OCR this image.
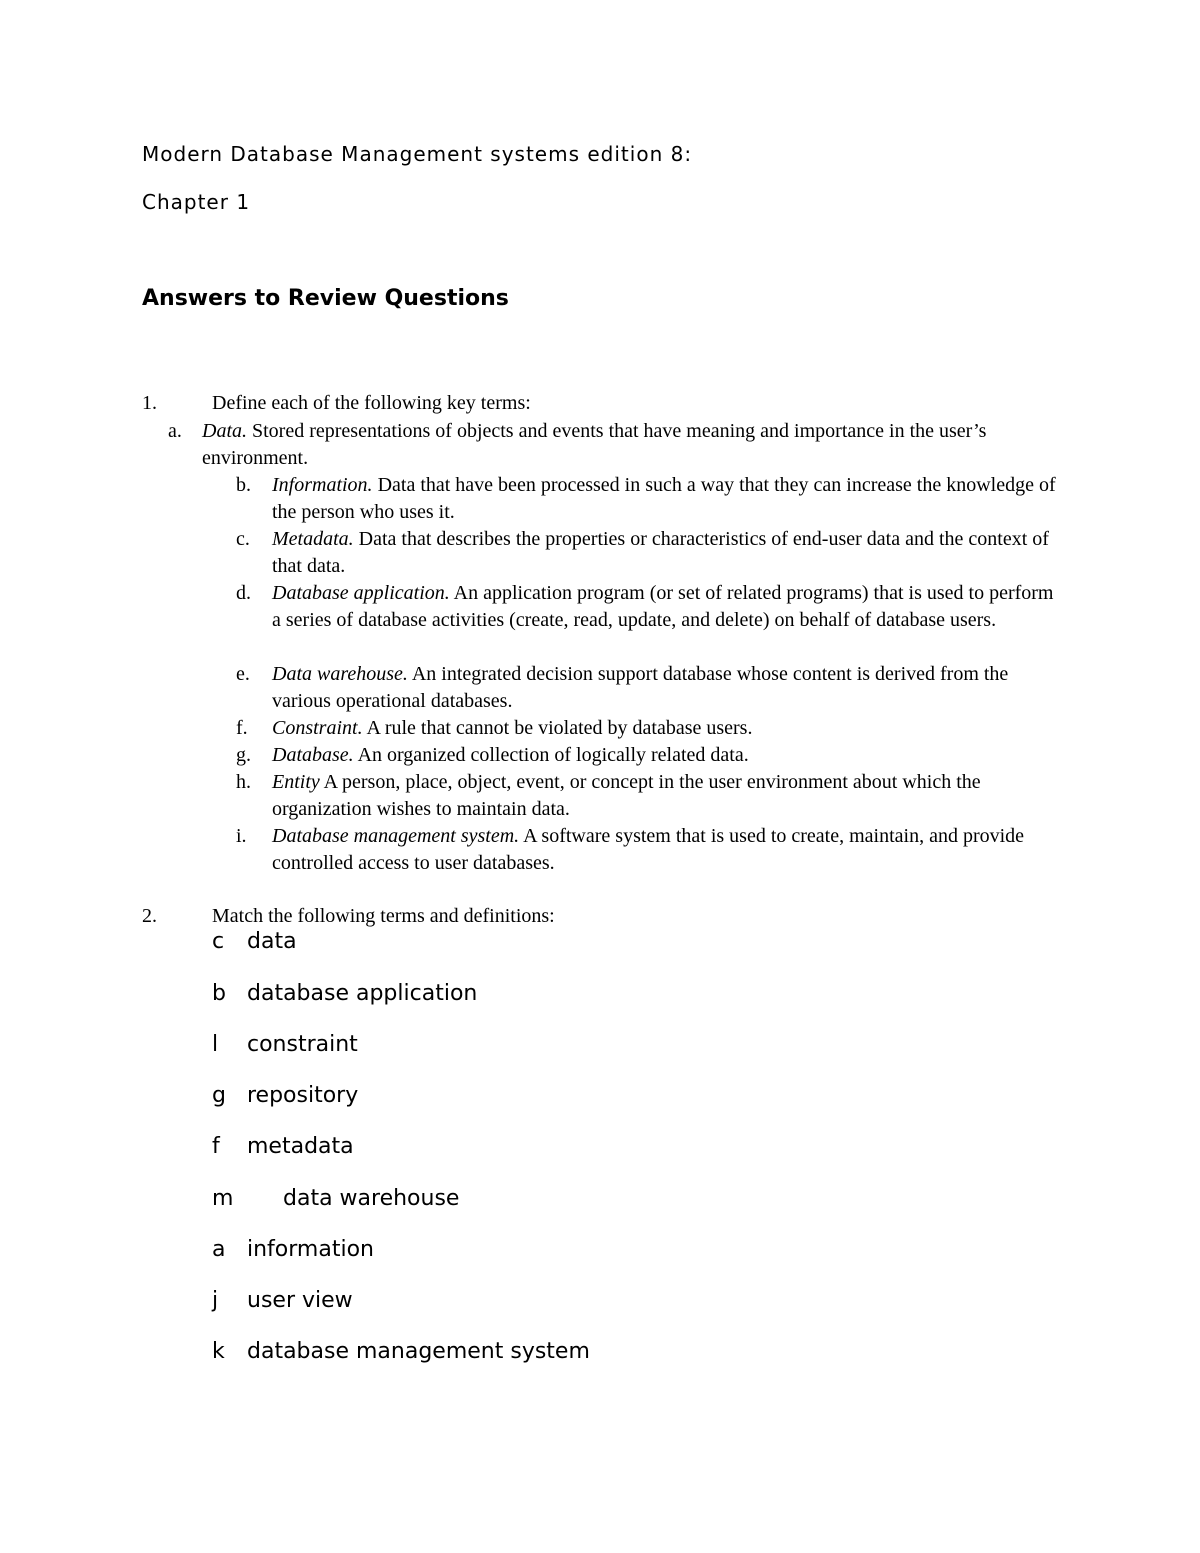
Modern Database Management systems edition 8:
Chapter 1
Answers to Review Questions
1.	Define each of the following key terms:
a. Data. Stored representations of objects and events that have meaning and importance in the user’s environment.
b. Information. Data that have been processed in such a way that they can increase the knowledge of the person who uses it.
c. Metadata. Data that describes the properties or characteristics of end-user data and the context of that data.
d. Database application. An application program (or set of related programs) that is used to perform a series of database activities (create, read, update, and delete) on behalf of database users.
e. Data warehouse. An integrated decision support database whose content is derived from the various operational databases.
f. Constraint. A rule that cannot be violated by database users.
g. Database. An organized collection of logically related data.
h. Entity A person, place, object, event, or concept in the user environment about which the organization wishes to maintain data.
i. Database management system. A software system that is used to create, maintain, and provide controlled access to user databases.
2.	Match the following terms and definitions:
c data
b database application
l constraint
g repository
f metadata
m data warehouse
a information
j user view
k database management system
